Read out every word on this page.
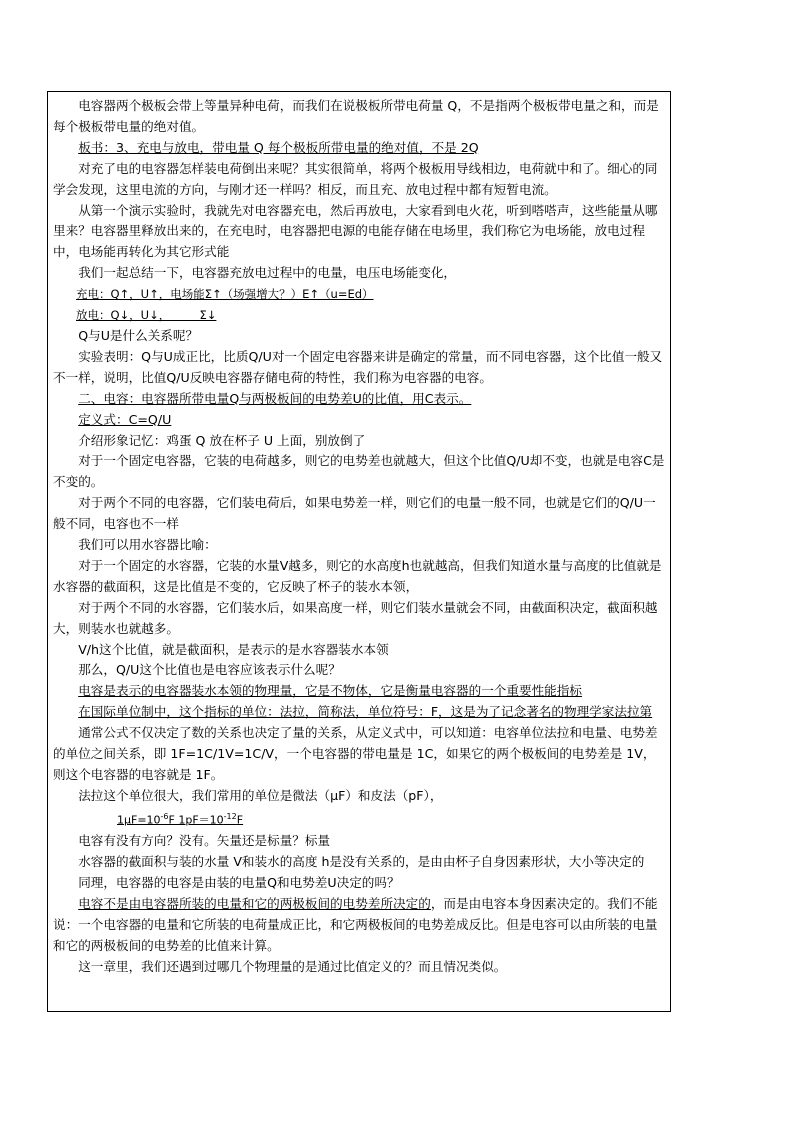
电容器两个极板会带上等量异种电荷，而我们在说极板所带电荷量 Q，不是指两个极板带电量之和，而是每个极板带电量的绝对值。

板书：3、充电与放电，带电量 Q 每个极板所带电量的绝对值，不是 2Q

对充了电的电容器怎样装电荷倒出来呢？其实很简单，将两个极板用导线相边，电荷就中和了。细心的同学会发现，这里电流的方向，与刚才还一样吗？相反，而且充、放电过程中都有短暂电流。

从第一个演示实验时，我就先对电容器充电，然后再放电，大家看到电火花，听到嗒嗒声，这些能量从哪里来？电容器里释放出来的，在充电时，电容器把电源的电能存储在电场里，我们称它为电场能，放电过程中，电场能再转化为其它形式能

我们一起总结一下，电容器充放电过程中的电量，电压电场能变化，

充电：Q↑，U↑，电场能Σ↑（场强增大？）E↑（u=Ed）

放电：Q↓，U↓，        Σ↓

Q与U是什么关系呢？

实验表明：Q与U成正比，比质Q/U对一个固定电容器来讲是确定的常量，而不同电容器，这个比值一般又不一样，说明，比值Q/U反映电容器存储电荷的特性，我们称为电容器的电容。

二、电容：电容器所带电量Q与两极板间的电势差U的比值，用C表示。

定义式：C=Q/U

介绍形象记忆：鸡蛋 Q 放在杯子 U 上面，别放倒了

对于一个固定电容器，它装的电荷越多，则它的电势差也就越大，但这个比值Q/U却不变，也就是电容C是不变的。

对于两个不同的电容器，它们装电荷后，如果电势差一样，则它们的电量一般不同，也就是它们的Q/U一般不同，电容也不一样

我们可以用水容器比喻：

对于一个固定的水容器，它装的水量V越多，则它的水高度h也就越高，但我们知道水量与高度的比值就是水容器的截面积，这是比值是不变的，它反映了杯子的装水本领，

对于两个不同的水容器，它们装水后，如果高度一样，则它们装水量就会不同，由截面积决定，截面积越大，则装水也就越多。

V/h这个比值，就是截面积，是表示的是水容器装水本领

那么，Q/U这个比值也是电容应该表示什么呢？

电容是表示的电容器装水本领的物理量，它是不物体，它是衡量电容器的一个重要性能指标

在国际单位制中，这个指标的单位：法拉，简称法，单位符号：F，这是为了记念著名的物理学家法拉第

通常公式不仅决定了数的关系也决定了量的关系，从定义式中，可以知道：电容单位法拉和电量、电势差的单位之间关系，即 1F=1C/1V=1C/V，一个电容器的带电量是 1C，如果它的两个极板间的电势差是 1V，则这个电容器的电容就是 1F。

法拉这个单位很大，我们常用的单位是微法（μF）和皮法（pF），

$1\mu F=10^{-6}F$ $1pF=10^{-12}F$

电容有没有方向？没有。矢量还是标量？标量

水容器的截面积与装的水量 V和装水的高度 h是没有关系的，是由由杯子自身因素形状，大小等决定的

同理，电容器的电容是由装的电量Q和电势差U决定的吗？

电容不是由电容器所装的电量和它的两极板间的电势差所决定的，而是由电容本身因素决定的。我们不能说：一个电容器的电量和它所装的电荷量成正比，和它两极板间的电势差成反比。但是电容可以由所装的电量和它的两极板间的电势差的比值来计算。

这一章里，我们还遇到过哪几个物理量的是通过比值定义的？而且情况类似。
